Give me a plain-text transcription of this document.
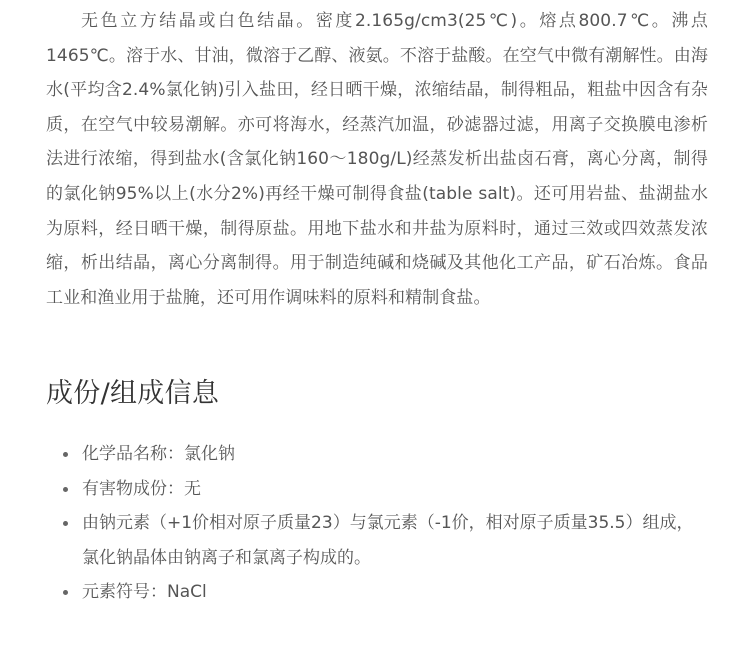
无色立方结晶或白色结晶。密度2.165g/cm3(25℃)。熔点800.7℃。沸点1465℃。溶于水、甘油，微溶于乙醇、液氨。不溶于盐酸。在空气中微有潮解性。由海水(平均含2.4%氯化钠)引入盐田，经日晒干燥，浓缩结晶，制得粗品，粗盐中因含有杂质，在空气中较易潮解。亦可将海水，经蒸汽加温，砂滤器过滤，用离子交换膜电渗析法进行浓缩，得到盐水(含氯化钠160～180g/L)经蒸发析出盐卤石膏，离心分离，制得的氯化钠95%以上(水分2%)再经干燥可制得食盐(table salt)。还可用岩盐、盐湖盐水为原料，经日晒干燥，制得原盐。用地下盐水和井盐为原料时，通过三效或四效蒸发浓缩，析出结晶，离心分离制得。用于制造纯碱和烧碱及其他化工产品，矿石冶炼。食品工业和渔业用于盐腌，还可用作调味料的原料和精制食盐。

成份/组成信息
化学品名称：氯化钠
有害物成份：无
由钠元素（+1价相对原子质量23）与氯元素（-1价，相对原子质量35.5）组成，氯化钠晶体由钠离子和氯离子构成的。
元素符号：NaCl
